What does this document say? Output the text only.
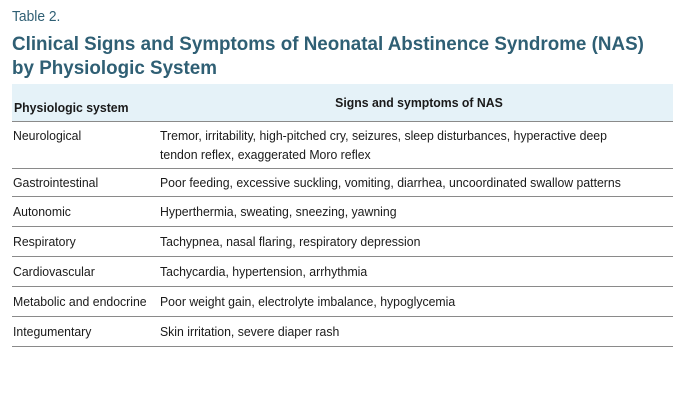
Table 2.
Clinical Signs and Symptoms of Neonatal Abstinence Syndrome (NAS) by Physiologic System
Physiologic system	Signs and symptoms of NAS

Neurological	Tremor, irritability, high-pitched cry, seizures, sleep disturbances, hyperactive deep tendon reflex, exaggerated Moro reflex

Gastrointestinal	Poor feeding, excessive suckling, vomiting, diarrhea, uncoordinated swallow patterns

Autonomic	Hyperthermia, sweating, sneezing, yawning

Respiratory	Tachypnea, nasal flaring, respiratory depression

Cardiovascular	Tachycardia, hypertension, arrhythmia

Metabolic and endocrine	Poor weight gain, electrolyte imbalance, hypoglycemia

Integumentary	Skin irritation, severe diaper rash
